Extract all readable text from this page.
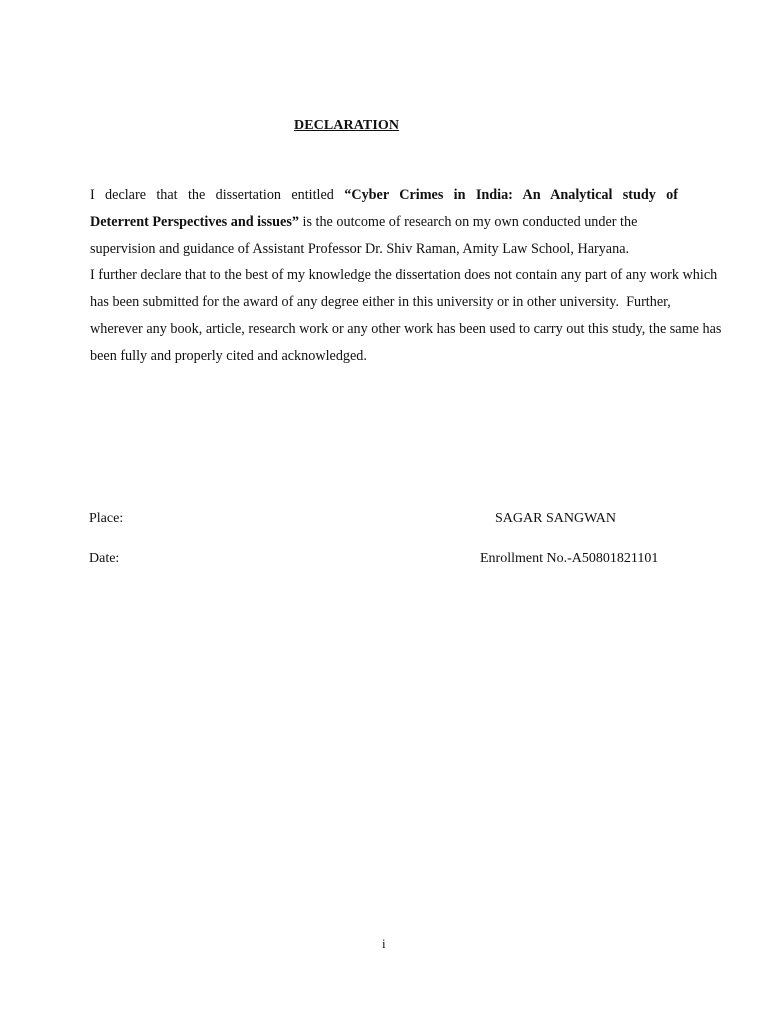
DECLARATION
I declare that the dissertation entitled “Cyber Crimes in India: An Analytical study of
Deterrent Perspectives and issues” is the outcome of research on my own conducted under the
supervision and guidance of Assistant Professor Dr. Shiv Raman, Amity Law School, Haryana.
I further declare that to the best of my knowledge the dissertation does not contain any part of any work which
has been submitted for the award of any degree either in this university or in other university.  Further,
wherever any book, article, research work or any other work has been used to carry out this study, the same has
been fully and properly cited and acknowledged.
Place:
Date:
SAGAR SANGWAN
Enrollment No.-A50801821101
i
